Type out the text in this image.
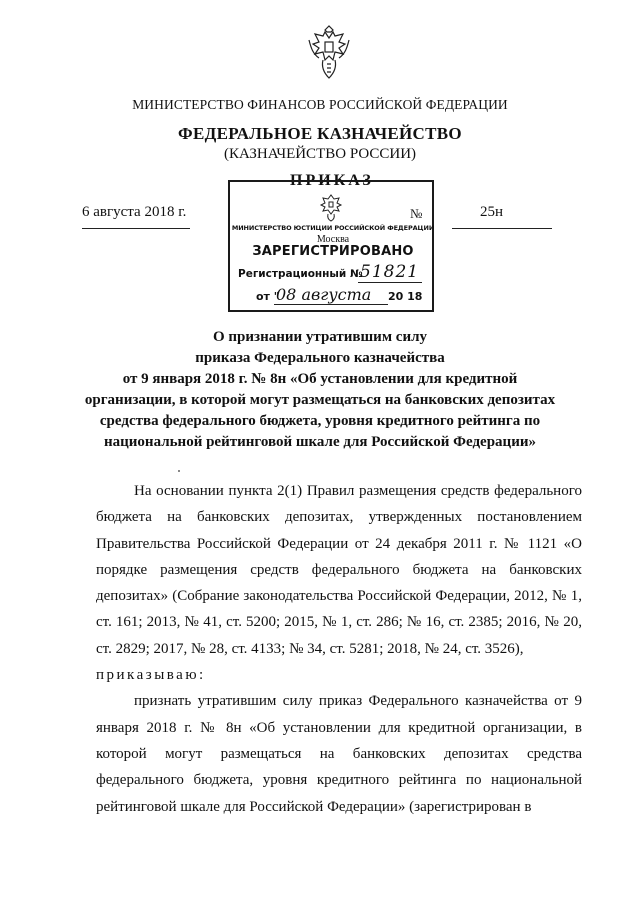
МИНИСТЕРСТВО ФИНАНСОВ РОССИЙСКОЙ ФЕДЕРАЦИИ
ФЕДЕРАЛЬНОЕ КАЗНАЧЕЙСТВО
(КАЗНАЧЕЙСТВО РОССИИ)
ПРИКАЗ
6 августа 2018 г.	№	25н
МИНИСТЕРСТВО ЮСТИЦИИ РОССИЙСКОЙ ФЕДЕРАЦИИ
Москва
ЗАРЕГИСТРИРОВАНО
Регистрационный №
51821
от "
08 августа 20 18
О признании утратившим силу
приказа Федерального казначейства
от 9 января 2018 г. № 8н «Об установлении для кредитной
организации, в которой могут размещаться на банковских депозитах
средства федерального бюджета, уровня кредитного рейтинга по
национальной рейтинговой шкале для Российской Федерации»

На основании пункта 2(1) Правил размещения средств федерального бюджета на банковских депозитах, утвержденных постановлением Правительства Российской Федерации от 24 декабря 2011 г. № 1121 «О порядке размещения средств федерального бюджета на банковских депозитах» (Собрание законодательства Российской Федерации, 2012, № 1, ст. 161; 2013, № 41, ст. 5200; 2015, № 1, ст. 286; № 16, ст. 2385; 2016, № 20, ст. 2829; 2017, № 28, ст. 4133; № 34, ст. 5281; 2018, № 24, ст. 3526),

приказываю:

признать утратившим силу приказ Федерального казначейства от 9 января 2018 г. № 8н «Об установлении для кредитной организации, в которой могут размещаться на банковских депозитах средства федерального бюджета, уровня кредитного рейтинга по национальной рейтинговой шкале для Российской Федерации» (зарегистрирован в
